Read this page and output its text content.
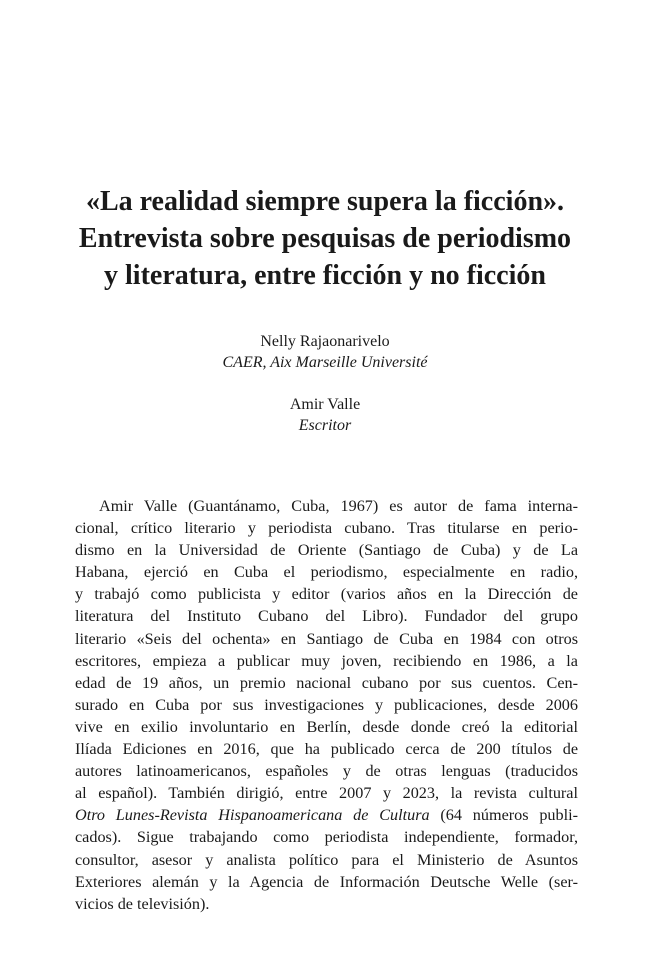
«La realidad siempre supera la ficción».
Entrevista sobre pesquisas de periodismo
y literatura, entre ficción y no ficción
Nelly Rajaonarivelo
CAER, Aix Marseille Université
Amir Valle
Escritor
Amir Valle (Guantánamo, Cuba, 1967) es autor de fama interna-
cional, crítico literario y periodista cubano. Tras titularse en perio-
dismo en la Universidad de Oriente (Santiago de Cuba) y de La
Habana, ejerció en Cuba el periodismo, especialmente en radio,
y trabajó como publicista y editor (varios años en la Dirección de
literatura del Instituto Cubano del Libro). Fundador del grupo
literario «Seis del ochenta» en Santiago de Cuba en 1984 con otros
escritores, empieza a publicar muy joven, recibiendo en 1986, a la
edad de 19 años, un premio nacional cubano por sus cuentos. Cen-
surado en Cuba por sus investigaciones y publicaciones, desde 2006
vive en exilio involuntario en Berlín, desde donde creó la editorial
Ilíada Ediciones en 2016, que ha publicado cerca de 200 títulos de
autores latinoamericanos, españoles y de otras lenguas (traducidos
al español). También dirigió, entre 2007 y 2023, la revista cultural
Otro Lunes-Revista Hispanoamericana de Cultura (64 números publi-
cados). Sigue trabajando como periodista independiente, formador,
consultor, asesor y analista político para el Ministerio de Asuntos
Exteriores alemán y la Agencia de Información Deutsche Welle (ser-
vicios de televisión).
